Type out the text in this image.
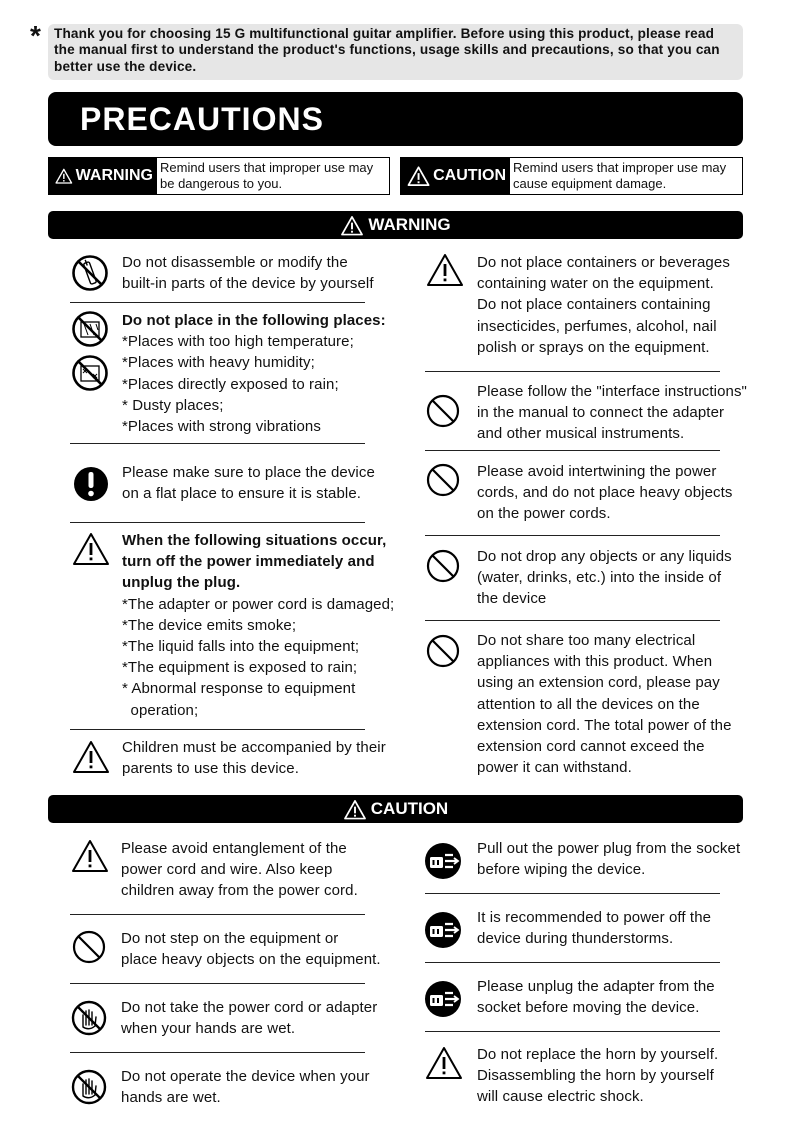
* Thank you for choosing 15 G multifunctional guitar amplifier. Before using this product, please read the manual first to understand the product's functions, usage skills and precautions, so that you can better use the device.
PRECAUTIONS
WARNING Remind users that improper use may be dangerous to you.	CAUTION Remind users that improper use may cause equipment damage.
WARNING
CAUTION
Do not disassemble or modify the
built-in parts of the device by yourself
Do not place in the following places:
*Places with too high temperature;
*Places with heavy humidity;
*Places directly exposed to rain;
* Dusty places;
*Places with strong vibrations
Please make sure to place the device
on a flat place to ensure it is stable.
When the following situations occur,
turn off the power immediately and
unplug the plug.
*The adapter or power cord is damaged;
*The device emits smoke;
*The liquid falls into the equipment;
*The equipment is exposed to rain;
* Abnormal response to equipment
operation;
Children must be accompanied by their
parents to use this device.
Do not place containers or beverages
containing water on the equipment.
Do not place containers containing
insecticides, perfumes, alcohol, nail
polish or sprays on the equipment.
Please follow the "interface instructions"
in the manual to connect the adapter
and other musical instruments.
Please avoid intertwining the power
cords, and do not place heavy objects
on the power cords.
Do not drop any objects or any liquids
(water, drinks, etc.) into the inside of
the device
Do not share too many electrical
appliances with this product. When
using an extension cord, please pay
attention to all the devices on the
extension cord. The total power of the
extension cord cannot exceed the
power it can withstand.
Please avoid entanglement of the
power cord and wire. Also keep
children away from the power cord.
Do not step on the equipment or
place heavy objects on the equipment.
Do not take the power cord or adapter
when your hands are wet.
Do not operate the device when your
hands are wet.
Pull out the power plug from the socket
before wiping the device.
It is recommended to power off the
device during thunderstorms.
Please unplug the adapter from the
socket before moving the device.
Do not replace the horn by yourself.
Disassembling the horn by yourself
will cause electric shock.
